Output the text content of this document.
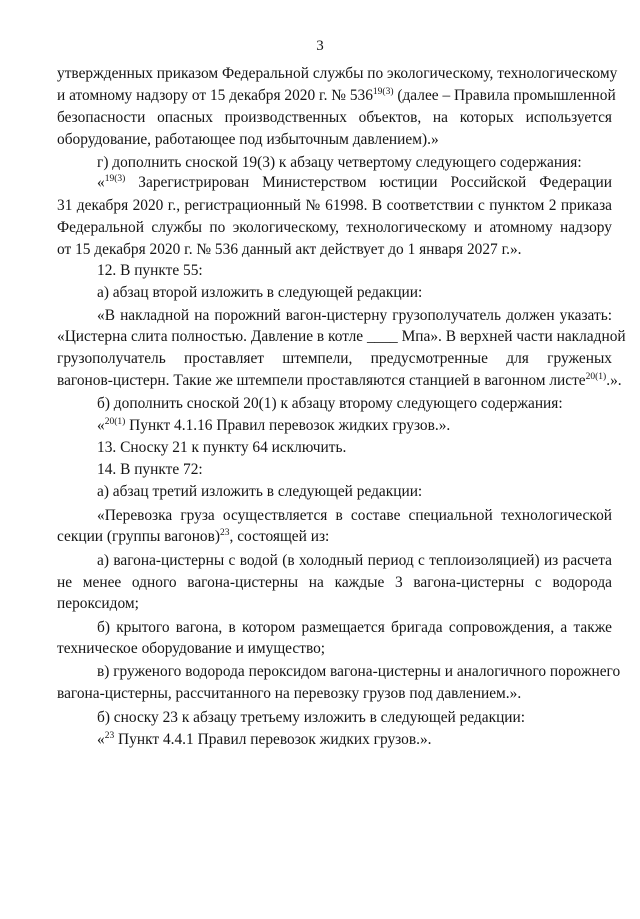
3
утвержденных приказом Федеральной службы по экологическому, технологическому
и атомному надзору от 15 декабря 2020 г. № $536^{19(3)}$ (далее – Правила промышленной
безопасности опасных производственных объектов, на которых используется
оборудование, работающее под избыточным давлением).»
г) дополнить сноской 19(3) к абзацу четвертому следующего содержания:
«$^{19(3)}$ Зарегистрирован Министерством юстиции Российской Федерации
31 декабря 2020 г., регистрационный № 61998. В соответствии с пунктом 2 приказа
Федеральной службы по экологическому, технологическому и атомному надзору
от 15 декабря 2020 г. № 536 данный акт действует до 1 января 2027 г.».
12. В пункте 55:
а) абзац второй изложить в следующей редакции:
«В накладной на порожний вагон-цистерну грузополучатель должен указать:
«Цистерна слита полностью. Давление в котле ____ Мпа». В верхней части накладной
грузополучатель проставляет штемпели, предусмотренные для груженых
вагонов-цистерн. Такие же штемпели проставляются станцией в вагонном листе$^{20(1)}$.».
б) дополнить сноской 20(1) к абзацу второму следующего содержания:
«$^{20(1)}$ Пункт 4.1.16 Правил перевозок жидких грузов.».
13. Сноску 21 к пункту 64 исключить.
14. В пункте 72:
а) абзац третий изложить в следующей редакции:
«Перевозка груза осуществляется в составе специальной технологической
секции (группы вагонов)$^{23}$, состоящей из:
а) вагона-цистерны с водой (в холодный период с теплоизоляцией) из расчета
не менее одного вагона-цистерны на каждые 3 вагона-цистерны с водорода
пероксидом;
б) крытого вагона, в котором размещается бригада сопровождения, а также
техническое оборудование и имущество;
в) груженого водорода пероксидом вагона-цистерны и аналогичного порожнего
вагона-цистерны, рассчитанного на перевозку грузов под давлением.».
б) сноску 23 к абзацу третьему изложить в следующей редакции:
«$^{23}$ Пункт 4.4.1 Правил перевозок жидких грузов.».
